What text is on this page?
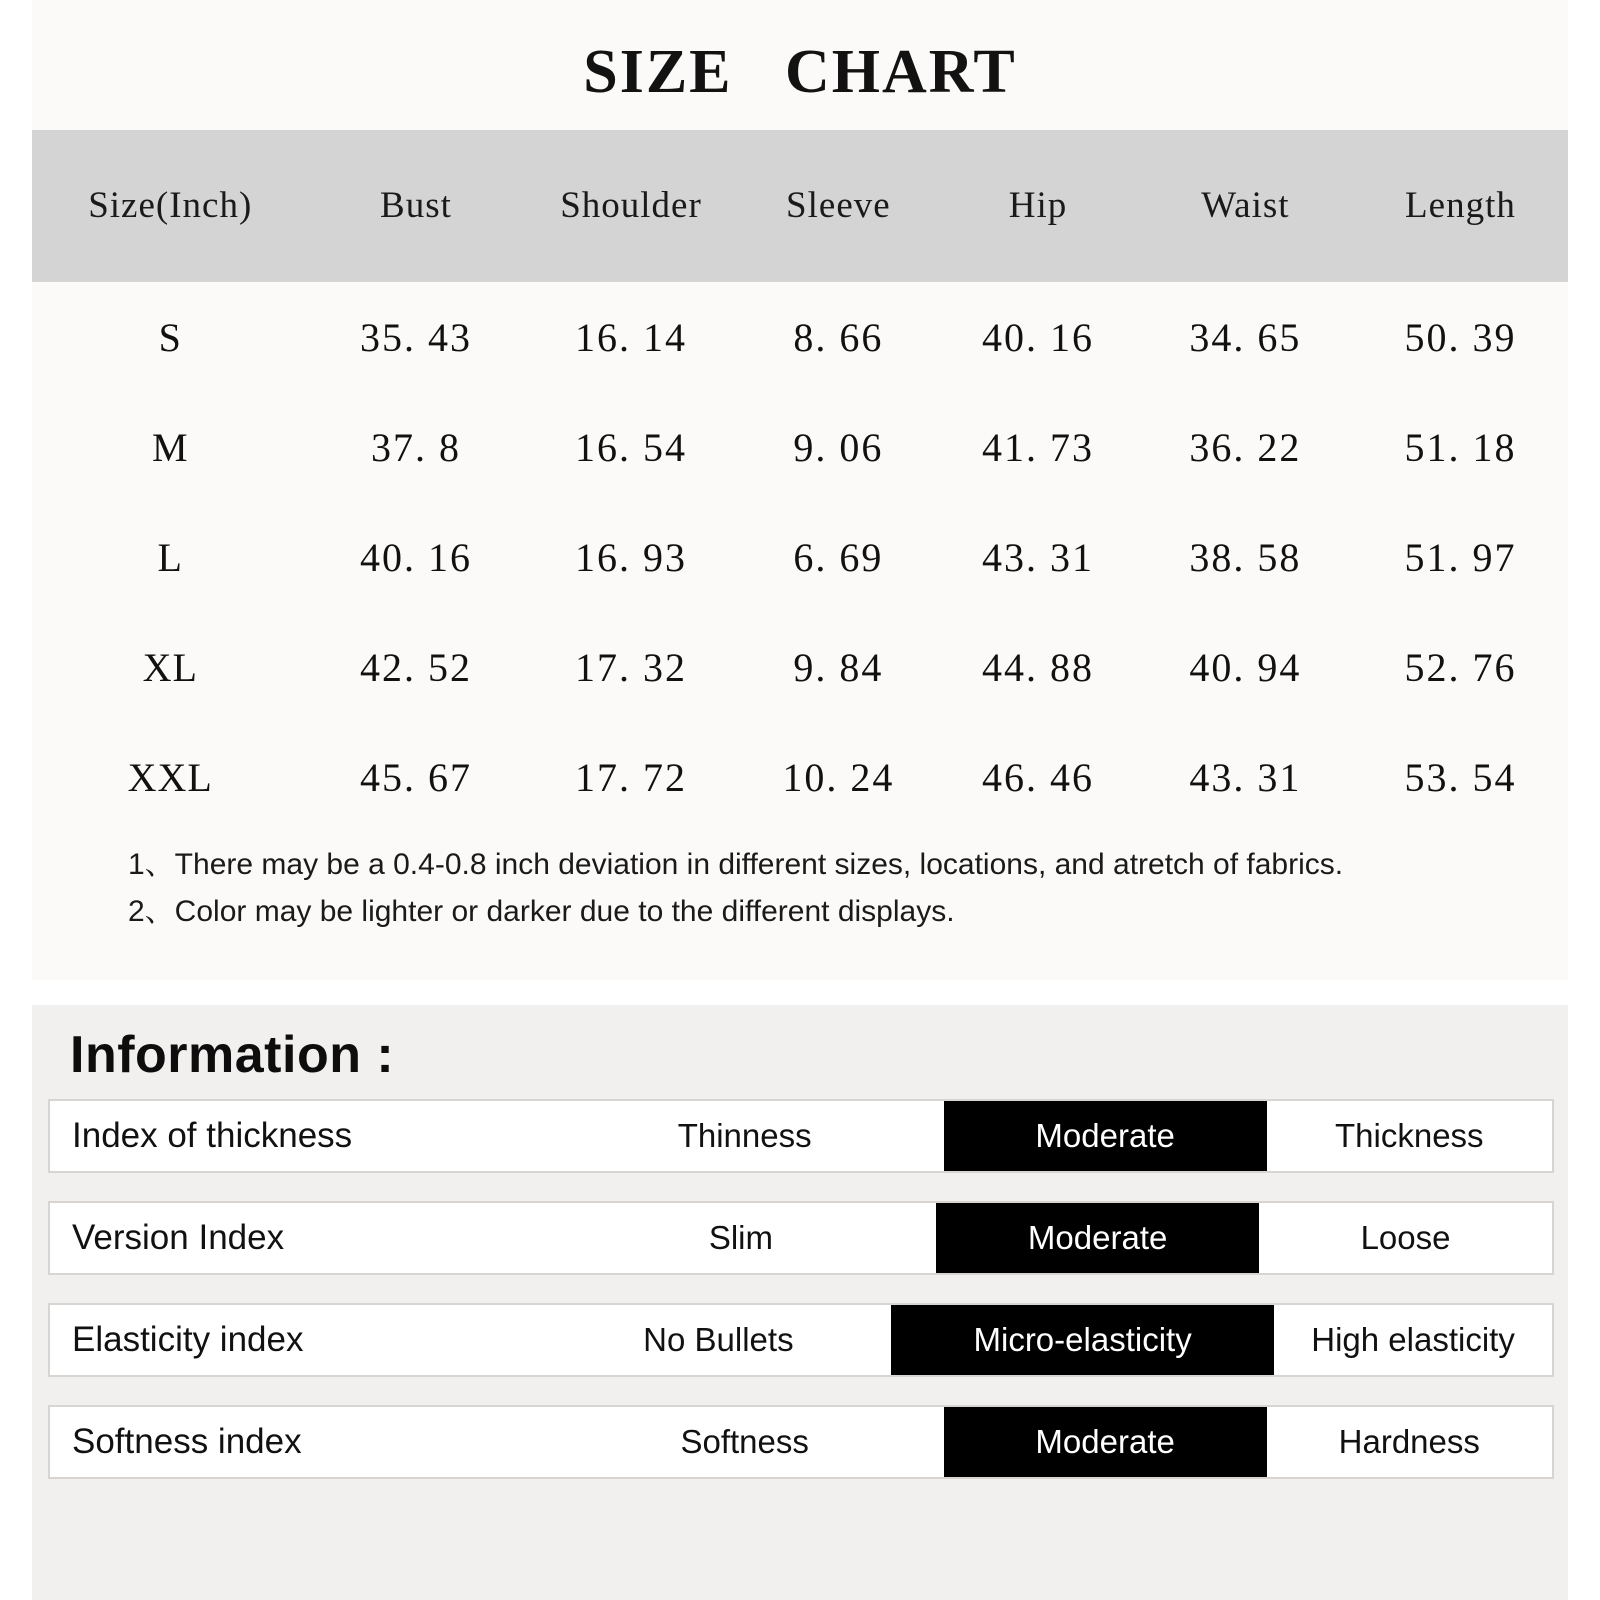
SIZE   CHART
Size(Inch)	Bust	Shoulder	Sleeve	Hip	Waist	Length
S	35. 43	16. 14	8. 66	40. 16	34. 65	50. 39
M	37. 8	16. 54	9. 06	41. 73	36. 22	51. 18
L	40. 16	16. 93	6. 69	43. 31	38. 58	51. 97
XL	42. 52	17. 32	9. 84	44. 88	40. 94	52. 76
XXL	45. 67	17. 72	10. 24	46. 46	43. 31	53. 54
1、There may be a 0.4-0.8 inch deviation in different sizes, locations, and atretch of fabrics.
2、Color may be lighter or darker due to the different displays.
Information :
Index of thickness	Thinness	Moderate	Thickness
Version Index	Slim	Moderate	Loose
Elasticity index	No Bullets	Micro-elasticity	High elasticity
Softness index	Softness	Moderate	Hardness
